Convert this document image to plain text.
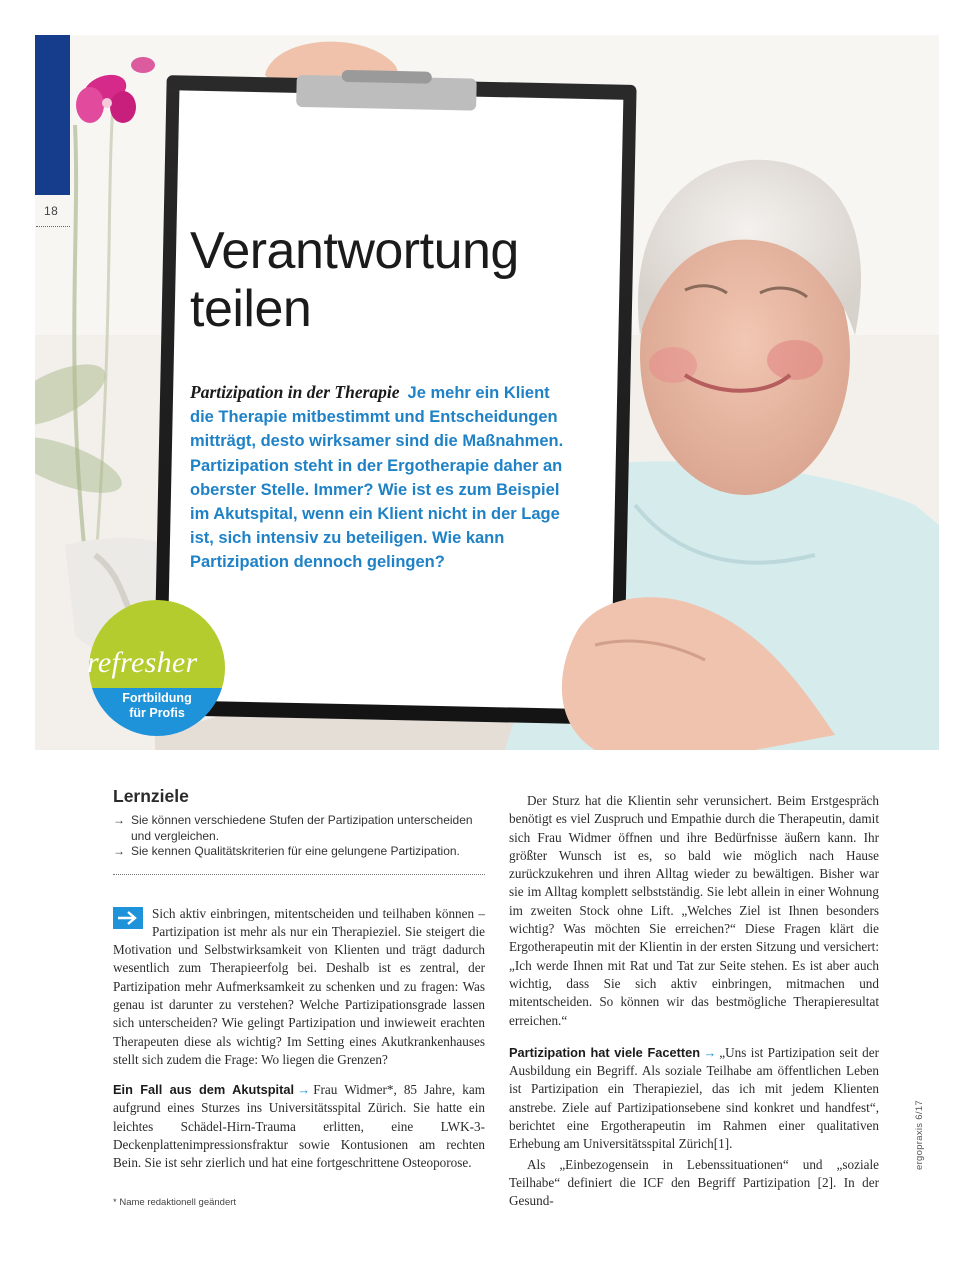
18
Verantwortung
teilen

Partizipation in der Therapie Je mehr ein Klient die Therapie mitbestimmt und Entscheidungen mitträgt, desto wirksamer sind die Maßnahmen. Partizipation steht in der Ergotherapie daher an oberster Stelle. Immer? Wie ist es zum Beispiel im Akutspital, wenn ein Klient nicht in der Lage ist, sich intensiv zu beteiligen. Wie kann Partizipation dennoch gelingen?

refresher
Fortbildung
für Profis
Lernziele
→ Sie können verschiedene Stufen der Partizipation unterscheiden und vergleichen.
→ Sie kennen Qualitätskriterien für eine gelungene Partizipation.
Sich aktiv einbringen, mitentscheiden und teilhaben können – Partizipation ist mehr als nur ein Therapieziel. Sie steigert die Motivation und Selbstwirksamkeit von Klienten und trägt dadurch wesentlich zum Therapieerfolg bei. Deshalb ist es zentral, der Partizipation mehr Aufmerksamkeit zu schenken und zu fragen: Was genau ist darunter zu verstehen? Welche Partizipationsgrade lassen sich unterscheiden? Wie gelingt Partizipation und inwieweit erachten Therapeuten diese als wichtig? Im Setting eines Akutkrankenhauses stellt sich zudem die Frage: Wo liegen die Grenzen?

Ein Fall aus dem Akutspital → Frau Widmer*, 85 Jahre, kam aufgrund eines Sturzes ins Universitätsspital Zürich. Sie hatte ein leichtes Schädel-Hirn-Trauma erlitten, eine LWK-3-Deckenplattenimpressionsfraktur sowie Kontusionen am rechten Bein. Sie ist sehr zierlich und hat eine fortgeschrittene Osteoporose.

Der Sturz hat die Klientin sehr verunsichert. Beim Erstgespräch benötigt es viel Zuspruch und Empathie durch die Therapeutin, damit sich Frau Widmer öffnen und ihre Bedürfnisse äußern kann. Ihr größter Wunsch ist es, so bald wie möglich nach Hause zurückzukehren und ihren Alltag wieder zu bewältigen. Bisher war sie im Alltag komplett selbstständig. Sie lebt allein in einer Wohnung im zweiten Stock ohne Lift. „Welches Ziel ist Ihnen besonders wichtig? Was möchten Sie erreichen?“ Diese Fragen klärt die Ergotherapeutin mit der Klientin in der ersten Sitzung und versichert: „Ich werde Ihnen mit Rat und Tat zur Seite stehen. Es ist aber auch wichtig, dass Sie sich aktiv einbringen, mitmachen und mitentscheiden. So können wir das bestmögliche Therapieresultat erreichen.“

Partizipation hat viele Facetten → „Uns ist Partizipation seit der Ausbildung ein Begriff. Als soziale Teilhabe am öffentlichen Leben ist Partizipation ein Therapieziel, das ich mit jedem Klienten anstrebe. Ziele auf Partizipationsebene sind konkret und handfest“, berichtet eine Ergotherapeutin im Rahmen einer qualitativen Erhebung am Universitätsspital Zürich[1].

Als „Einbezogensein in Lebenssituationen“ und „soziale Teilhabe“ definiert die ICF den Begriff Partizipation [2]. In der Gesund-

* Name redaktionell geändert
ergopraxis 6/17
